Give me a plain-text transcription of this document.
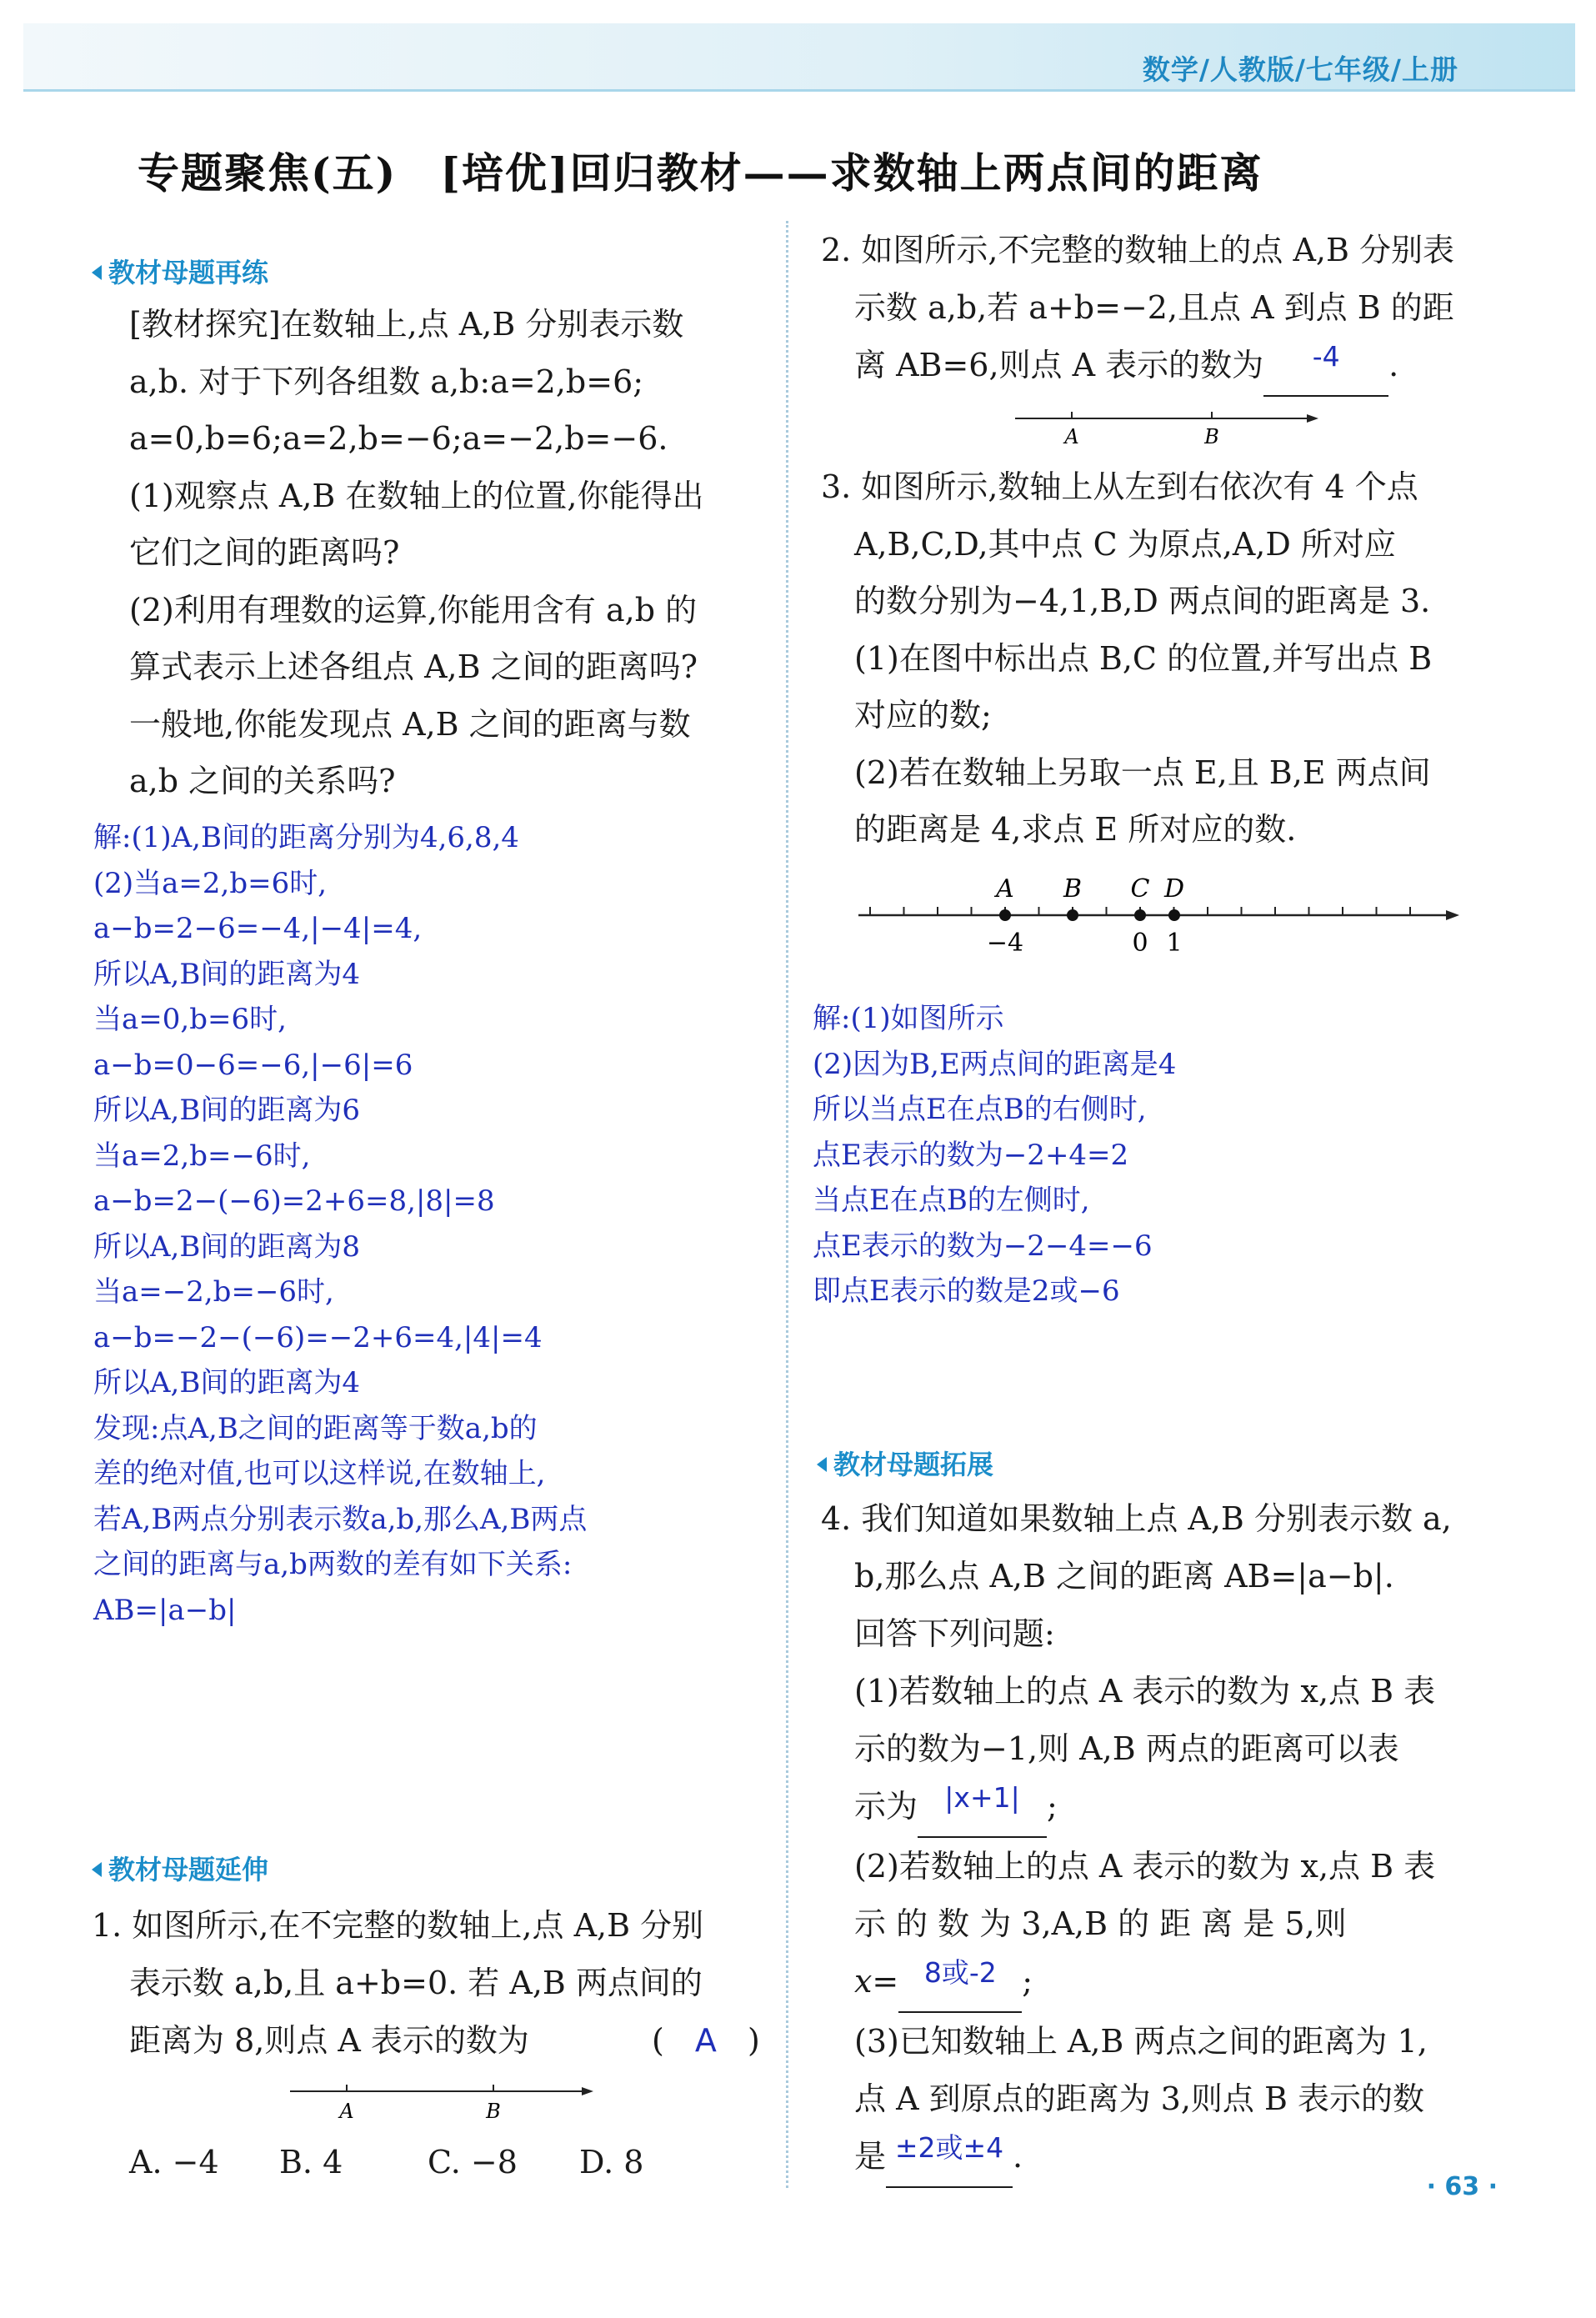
数学/人教版/七年级/上册
专题聚焦(五)　[培优]回归教材——求数轴上两点间的距离
教材母题再练
[教材探究]在数轴上,点 A,B 分别表示数
a,b. 对于下列各组数 a,b:a=2,b=6;
a=0,b=6;a=2,b=−6;a=−2,b=−6.
(1)观察点 A,B 在数轴上的位置,你能得出
它们之间的距离吗?
(2)利用有理数的运算,你能用含有 a,b 的
算式表示上述各组点 A,B 之间的距离吗?
一般地,你能发现点 A,B 之间的距离与数
a,b 之间的关系吗?
解:(1)A,B间的距离分别为4,6,8,4
(2)当a=2,b=6时,
a−b=2−6=−4,|−4|=4,
所以A,B间的距离为4
当a=0,b=6时,
a−b=0−6=−6,|−6|=6
所以A,B间的距离为6
当a=2,b=−6时,
a−b=2−(−6)=2+6=8,|8|=8
所以A,B间的距离为8
当a=−2,b=−6时,
a−b=−2−(−6)=−2+6=4,|4|=4
所以A,B间的距离为4
发现:点A,B之间的距离等于数a,b的
差的绝对值,也可以这样说,在数轴上,
若A,B两点分别表示数a,b,那么A,B两点
之间的距离与a,b两数的差有如下关系:
AB=|a−b|
教材母题延伸
1. 如图所示,在不完整的数轴上,点 A,B 分别
表示数 a,b,且 a+b=0. 若 A,B 两点间的
距离为 8,则点 A 表示的数为	( A )
A	B
A. −4 B. 4	C. −8 D. 8
2. 如图所示,不完整的数轴上的点 A,B 分别表
示数 a,b,若 a+b=−2,且点 A 到点 B 的距
离 AB=6,则点 A 表示的数为 -4 .
A	B
3. 如图所示,数轴上从左到右依次有 4 个点
A,B,C,D,其中点 C 为原点,A,D 所对应
的数分别为−4,1,B,D 两点间的距离是 3.
(1)在图中标出点 B,C 的位置,并写出点 B
对应的数;
(2)若在数轴上另取一点 E,且 B,E 两点间
的距离是 4,求点 E 所对应的数.
A B C D
−4	0 1
解:(1)如图所示
(2)因为B,E两点间的距离是4
所以当点E在点B的右侧时,
点E表示的数为−2+4=2
当点E在点B的左侧时,
点E表示的数为−2−4=−6
即点E表示的数是2或−6
教材母题拓展
4. 我们知道如果数轴上点 A,B 分别表示数 a,
b,那么点 A,B 之间的距离 AB=|a−b|.
回答下列问题:
(1)若数轴上的点 A 表示的数为 x,点 B 表
示的数为−1,则 A,B 两点的距离可以表
示为 |x+1| ;
(2)若数轴上的点 A 表示的数为 x,点 B 表
示 的 数 为 3,A,B 的 距 离 是 5,则
x= 8或-2 ;
(3)已知数轴上 A,B 两点之间的距离为 1,
点 A 到原点的距离为 3,则点 B 表示的数
是 ±2或±4 .
· 63 ·
